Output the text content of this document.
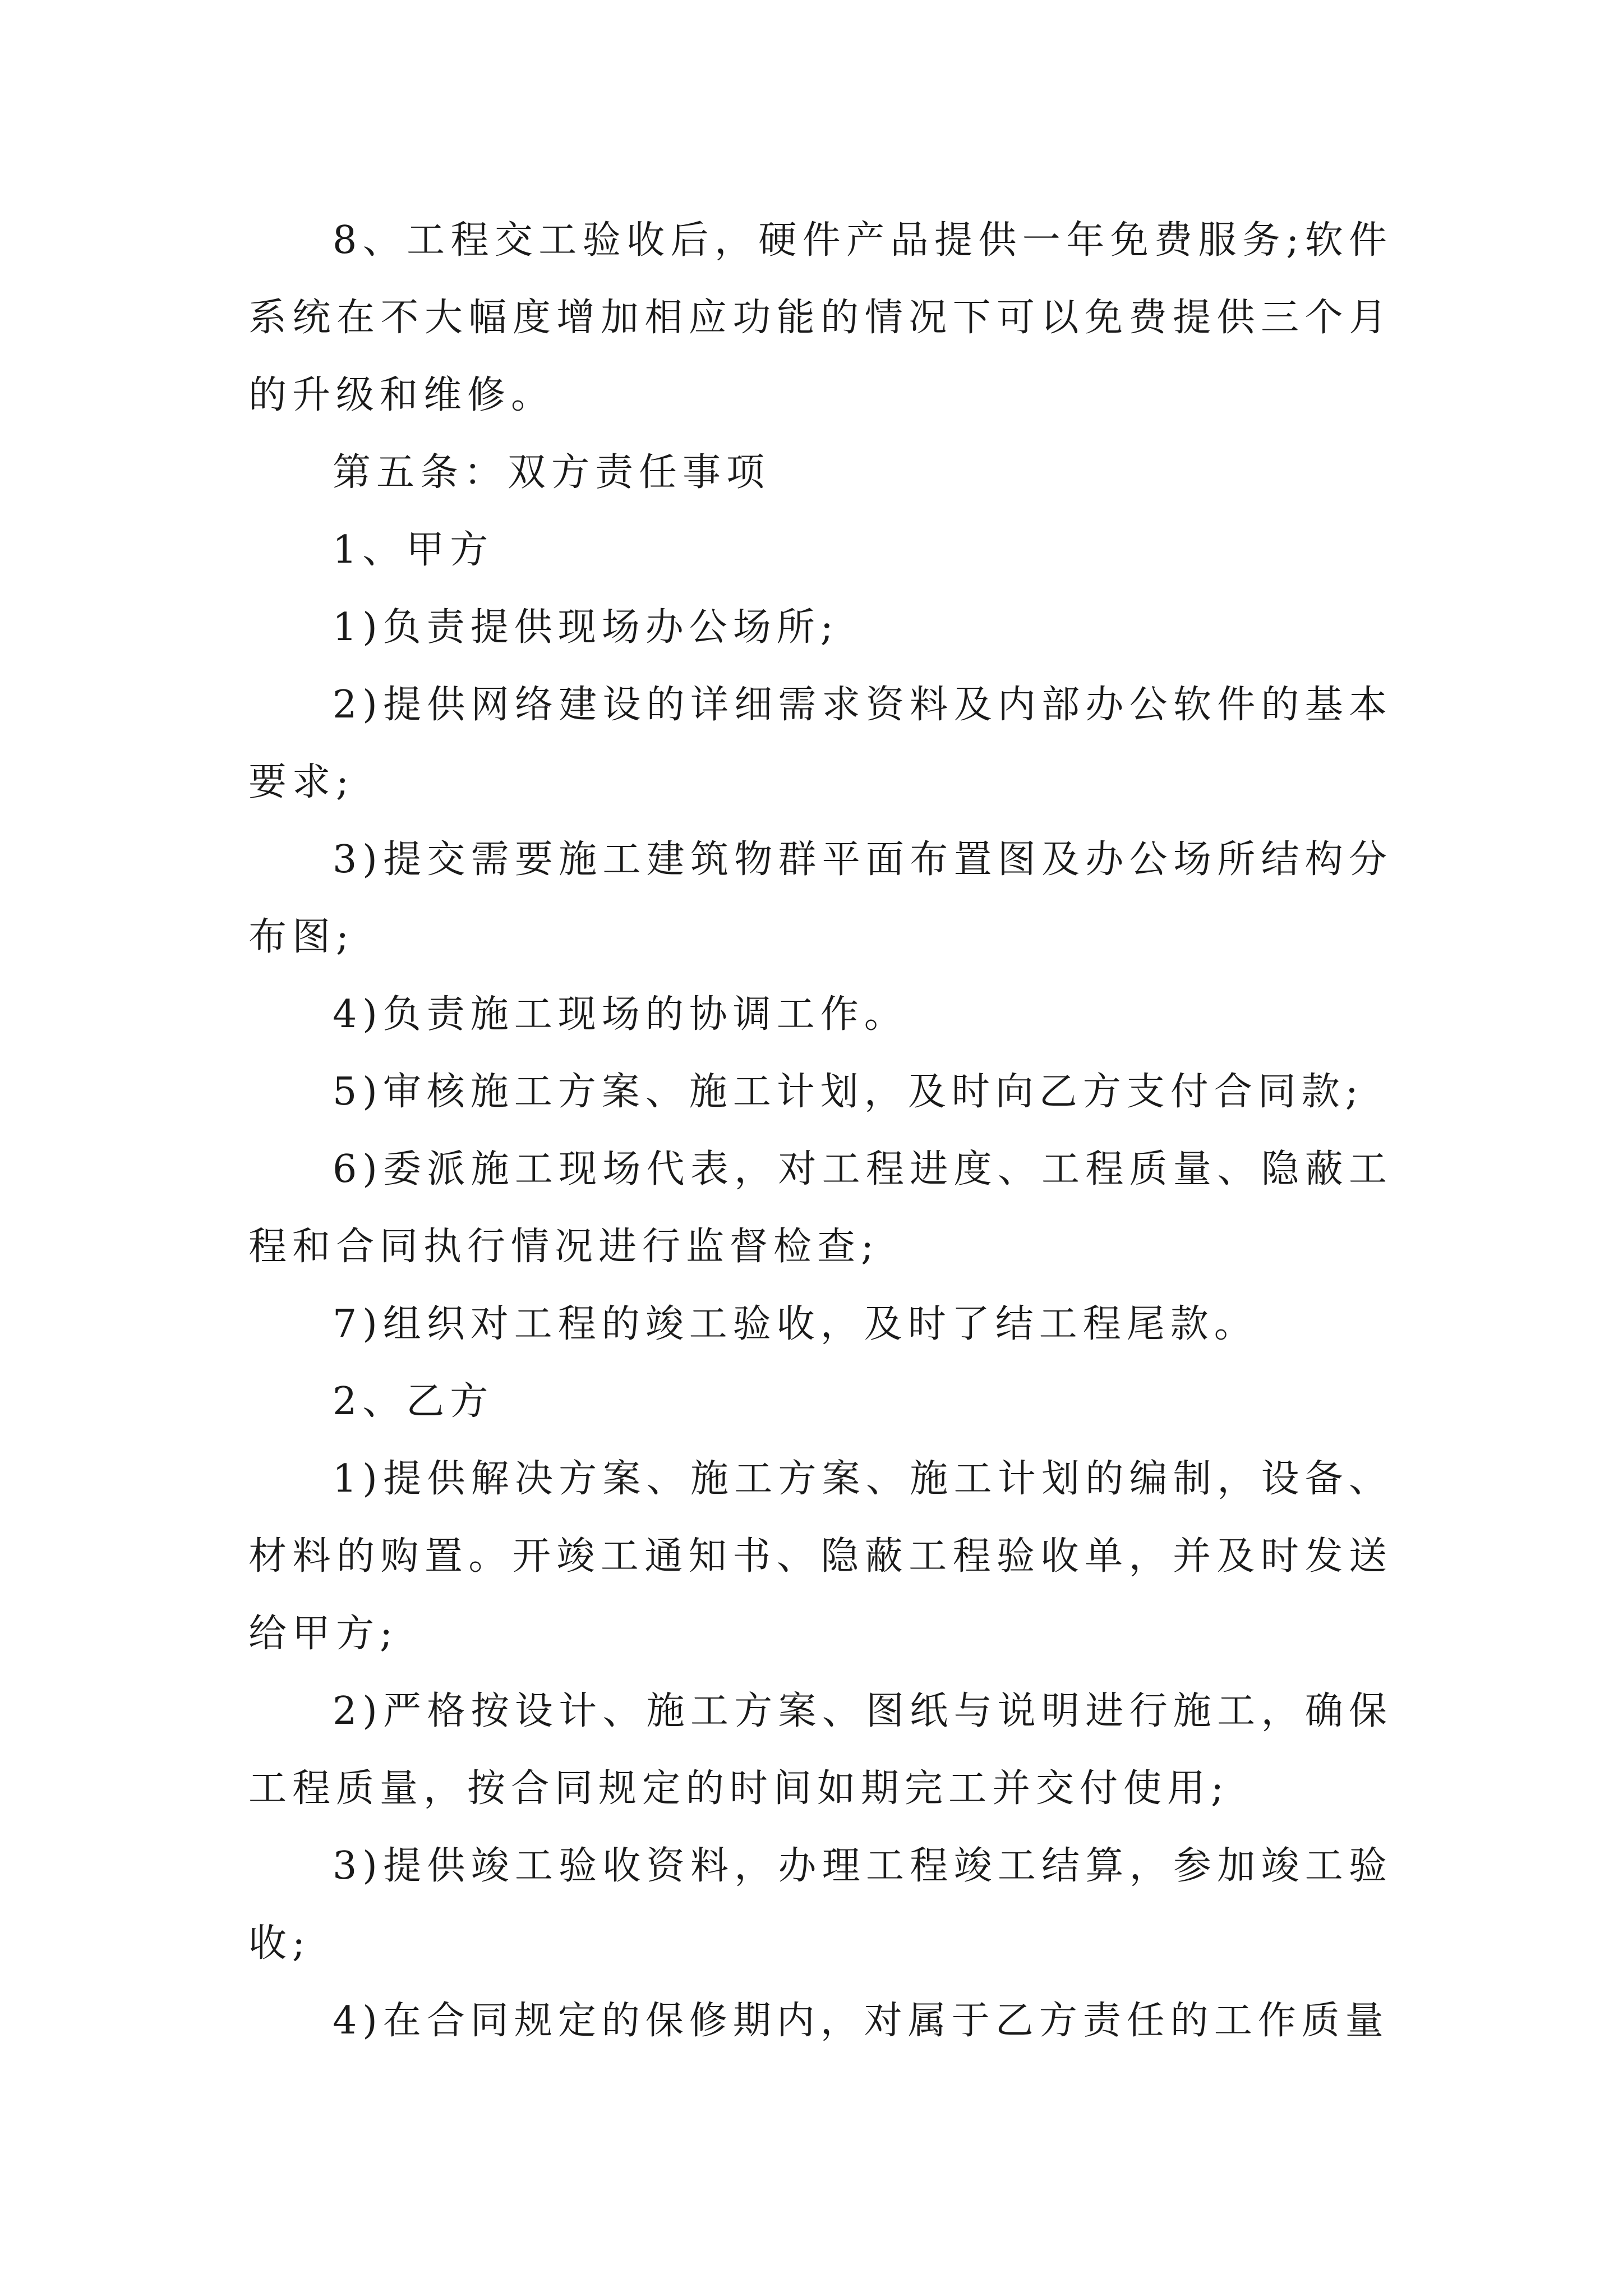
8、工程交工验收后，硬件产品提供一年免费服务;软件系统在不大幅度增加相应功能的情况下可以免费提供三个月的升级和维修。

第五条：双方责任事项

1、甲方

1)负责提供现场办公场所;

2)提供网络建设的详细需求资料及内部办公软件的基本要求;

3)提交需要施工建筑物群平面布置图及办公场所结构分布图;

4)负责施工现场的协调工作。

5)审核施工方案、施工计划，及时向乙方支付合同款;

6)委派施工现场代表，对工程进度、工程质量、隐蔽工程和合同执行情况进行监督检查;

7)组织对工程的竣工验收，及时了结工程尾款。

2、乙方

1)提供解决方案、施工方案、施工计划的编制，设备、材料的购置。开竣工通知书、隐蔽工程验收单，并及时发送给甲方;

2)严格按设计、施工方案、图纸与说明进行施工，确保工程质量，按合同规定的时间如期完工并交付使用;

3)提供竣工验收资料，办理工程竣工结算，参加竣工验收;

4)在合同规定的保修期内，对属于乙方责任的工作质量
